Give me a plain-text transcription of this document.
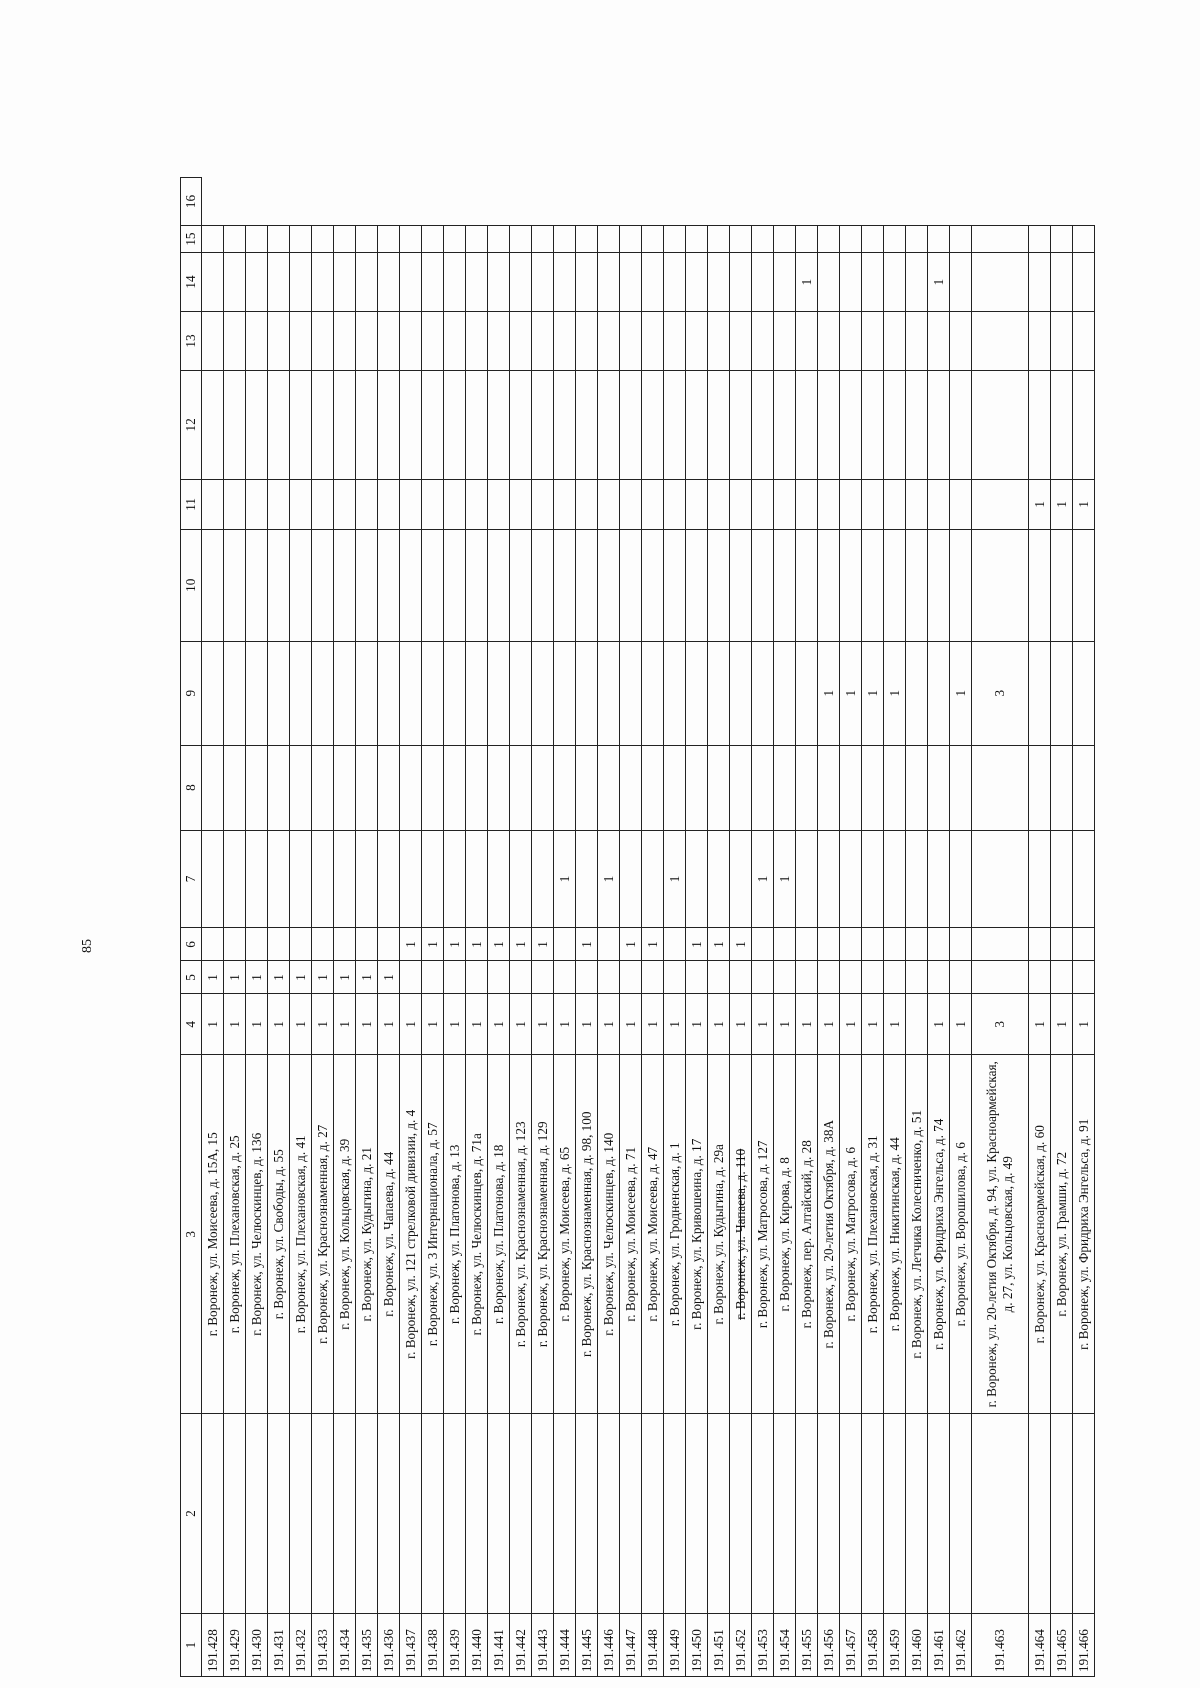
85
1	2	3	4	5	6	7	8	9	10	11	12	13	14	15	16
191.428		г. Воронеж, ул. Моисеева, д. 15А, 15	1	1											
191.429		г. Воронеж, ул. Плехановская, д. 25	1	1											
191.430		г. Воронеж, ул. Челюскинцев, д. 136	1	1											
191.431		г. Воронеж, ул. Свободы, д. 55	1	1											
191.432		г. Воронеж, ул. Плехановская, д. 41	1	1											
191.433		г. Воронеж, ул. Краснознаменная, д. 27	1	1											
191.434		г. Воронеж, ул. Кольцовская, д. 39	1	1											
191.435		г. Воронеж, ул. Кудыгина, д. 21	1	1											
191.436		г. Воронеж, ул. Чапаева, д. 44	1	1											
191.437		г. Воронеж, ул. 121 стрелковой дивизии, д. 4	1		1										
191.438		г. Воронеж, ул. 3 Интернационала, д. 57	1		1										
191.439		г. Воронеж, ул. Платонова, д. 13	1		1										
191.440		г. Воронеж, ул. Челюскинцев, д. 71а	1		1										
191.441		г. Воронеж, ул. Платонова, д. 18	1		1										
191.442		г. Воронеж, ул. Краснознаменная, д. 123	1		1										
191.443		г. Воронеж, ул. Краснознаменная, д. 129	1		1										
191.444		г. Воронеж, ул. Моисеева, д. 65	1			1									
191.445		г. Воронеж, ул. Краснознаменная, д. 98, 100	1		1										
191.446		г. Воронеж, ул. Челюскинцев, д. 140	1			1									
191.447		г. Воронеж, ул. Моисеева, д. 71	1		1										
191.448		г. Воронеж, ул. Моисеева, д. 47	1		1										
191.449		г. Воронеж, ул. Гродненская, д. 1	1			1									
191.450		г. Воронеж, ул. Кривошеина, д. 17	1		1										
191.451		г. Воронеж, ул. Кудыгина, д. 29а	1		1										
191.452		г. Воронеж, ул. Чапаева, д. 110	1		1										
191.453		г. Воронеж, ул. Матросова, д. 127	1			1									
191.454		г. Воронеж, ул. Кирова, д. 8	1			1									
191.455		г. Воронеж, пер. Алтайский, д. 28	1										1		
191.456		г. Воронеж, ул. 20-летия Октября, д. 38А	1					1							
191.457		г. Воронеж, ул. Матросова, д. 6	1					1							
191.458		г. Воронеж, ул. Плехановская, д. 31	1					1							
191.459		г. Воронеж, ул. Никитинская, д. 44	1					1							
191.460		г. Воронеж, ул. Летчика Колесниченко, д. 51													
191.461		г. Воронеж, ул. Фридриха Энгельса, д. 74	1										1		
191.462		г. Воронеж, ул. Ворошилова, д. 6	1					1							
191.463		г. Воронеж, ул. 20-летия Октября, д. 94, ул. Красноармейская, д. 27, ул. Кольцовская, д. 49	3					3							
191.464		г. Воронеж, ул. Красноармейская, д. 60	1							1					
191.465		г. Воронеж, ул. Грамши, д. 72	1							1					
191.466		г. Воронеж, ул. Фридриха Энгельса, д. 91	1							1					
